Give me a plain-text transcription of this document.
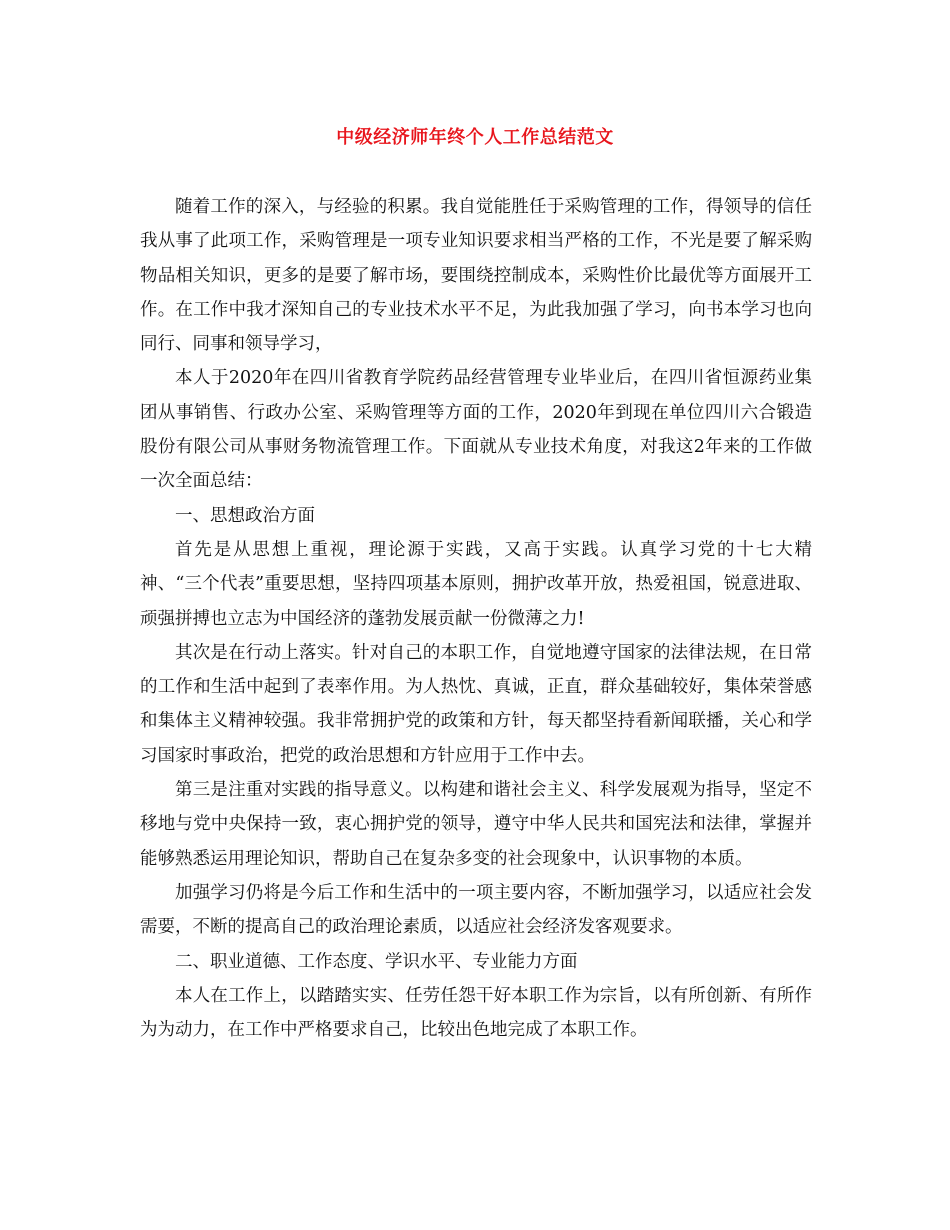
中级经济师年终个人工作总结范文

随着工作的深入，与经验的积累。我自觉能胜任于采购管理的工作，得领导的信任我从事了此项工作，采购管理是一项专业知识要求相当严格的工作，不光是要了解采购物品相关知识，更多的是要了解市场，要围绕控制成本，采购性价比最优等方面展开工作。在工作中我才深知自己的专业技术水平不足，为此我加强了学习，向书本学习也向同行、同事和领导学习，

本人于2020年在四川省教育学院药品经营管理专业毕业后，在四川省恒源药业集团从事销售、行政办公室、采购管理等方面的工作，2020年到现在单位四川六合锻造股份有限公司从事财务物流管理工作。下面就从专业技术角度，对我这2年来的工作做一次全面总结：

一、思想政治方面

首先是从思想上重视，理论源于实践，又高于实践。认真学习党的十七大精神、“三个代表”重要思想，坚持四项基本原则，拥护改革开放，热爱祖国，锐意进取、顽强拼搏也立志为中国经济的蓬勃发展贡献一份微薄之力!

其次是在行动上落实。针对自己的本职工作，自觉地遵守国家的法律法规，在日常的工作和生活中起到了表率作用。为人热忱、真诚，正直，群众基础较好，集体荣誉感和集体主义精神较强。我非常拥护党的政策和方针，每天都坚持看新闻联播，关心和学习国家时事政治，把党的政治思想和方针应用于工作中去。

第三是注重对实践的指导意义。以构建和谐社会主义、科学发展观为指导，坚定不移地与党中央保持一致，衷心拥护党的领导，遵守中华人民共和国宪法和法律，掌握并能够熟悉运用理论知识，帮助自己在复杂多变的社会现象中，认识事物的本质。

加强学习仍将是今后工作和生活中的一项主要内容，不断加强学习，以适应社会发需要，不断的提高自己的政治理论素质，以适应社会经济发客观要求。

二、职业道德、工作态度、学识水平、专业能力方面

本人在工作上，以踏踏实实、任劳任怨干好本职工作为宗旨，以有所创新、有所作为为动力，在工作中严格要求自己，比较出色地完成了本职工作。
